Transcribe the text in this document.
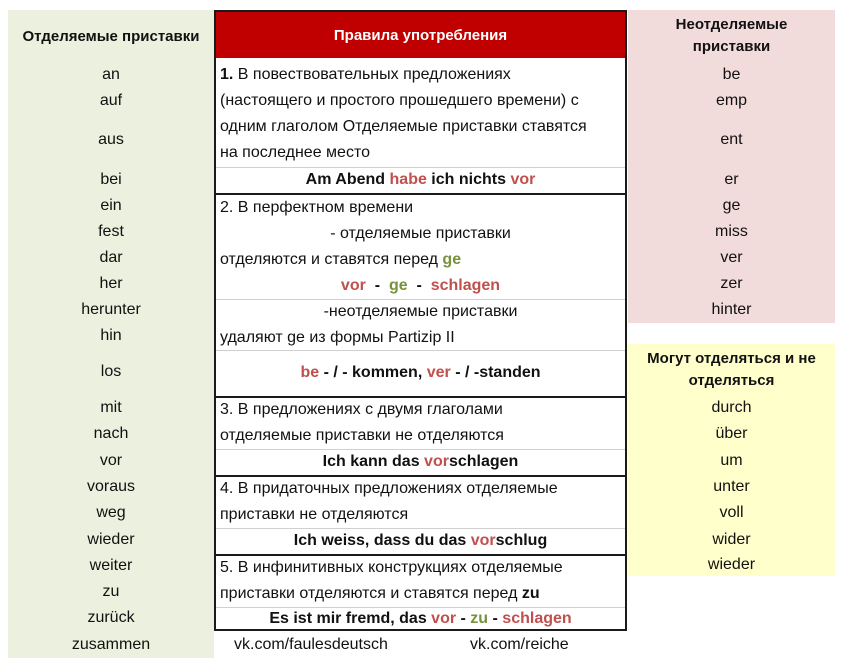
Отделяемые приставки
an
auf
aus
bei
ein
fest
dar
her
herunter
hin
los
mit
nach
vor
voraus
weg
wieder
weiter
zu
zurück
zusammen
Правила употребления
1. В повествовательных предложениях
(настоящего и простого прошедшего времени) с
одним глаголом Отделяемые приставки ставятся
на последнее место
Am Abend habe ich nichts vor
2. В перфектном времени
- отделяемые приставки
отделяются и ставятся перед ge
vor  -  ge  -  schlagen
-неотделяемые приставки
удаляют ge из формы Partizip II
be - / - kommen, ver - / -standen
3. В предложениях с двумя глаголами
отделяемые приставки не отделяются
Ich kann das vorschlagen
4. В придаточных предложениях отделяемые
приставки не отделяются
Ich weiss, dass du das vorschlug
5. В инфинитивных конструкциях отделяемые
приставки отделяются и ставятся перед zu
Es ist mir fremd, das vor - zu - schlagen
Неотделяемые
приставки
be
emp
ent
er
ge
miss
ver
zer
hinter
Могут отделяться и не
отделяться
durch
über
um
unter
voll
wider
wieder
vk.com/faulesdeutsch	vk.com/reiche
